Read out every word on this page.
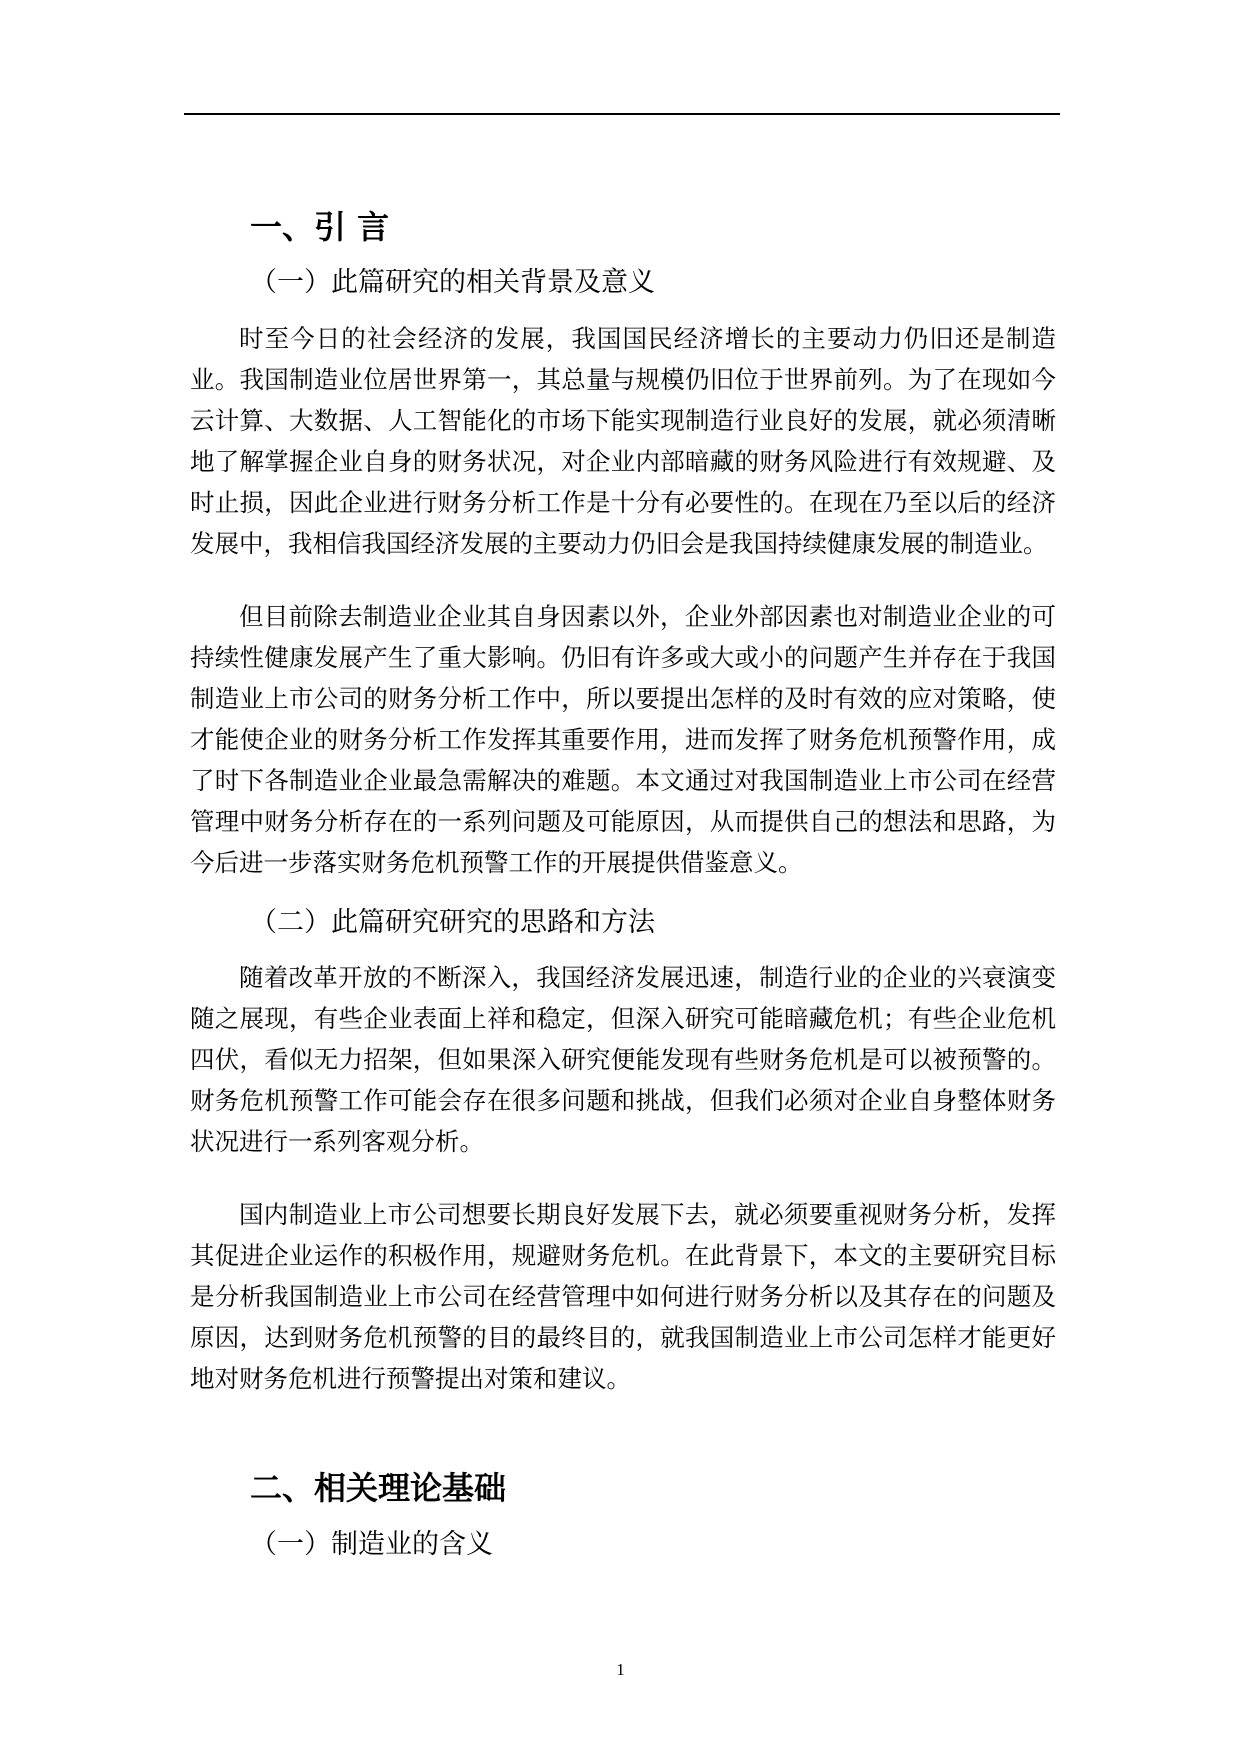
一、引 言
（一）此篇研究的相关背景及意义

时至今日的社会经济的发展，我国国民经济增长的主要动力仍旧还是制造业。我国制造业位居世界第一，其总量与规模仍旧位于世界前列。为了在现如今云计算、大数据、人工智能化的市场下能实现制造行业良好的发展，就必须清晰地了解掌握企业自身的财务状况，对企业内部暗藏的财务风险进行有效规避、及时止损，因此企业进行财务分析工作是十分有必要性的。在现在乃至以后的经济发展中，我相信我国经济发展的主要动力仍旧会是我国持续健康发展的制造业。

但目前除去制造业企业其自身因素以外，企业外部因素也对制造业企业的可持续性健康发展产生了重大影响。仍旧有许多或大或小的问题产生并存在于我国制造业上市公司的财务分析工作中，所以要提出怎样的及时有效的应对策略，使才能使企业的财务分析工作发挥其重要作用，进而发挥了财务危机预警作用，成了时下各制造业企业最急需解决的难题。本文通过对我国制造业上市公司在经营管理中财务分析存在的一系列问题及可能原因，从而提供自己的想法和思路，为今后进一步落实财务危机预警工作的开展提供借鉴意义。

（二）此篇研究研究的思路和方法

随着改革开放的不断深入，我国经济发展迅速，制造行业的企业的兴衰演变随之展现，有些企业表面上祥和稳定，但深入研究可能暗藏危机；有些企业危机四伏，看似无力招架，但如果深入研究便能发现有些财务危机是可以被预警的。财务危机预警工作可能会存在很多问题和挑战，但我们必须对企业自身整体财务状况进行一系列客观分析。

国内制造业上市公司想要长期良好发展下去，就必须要重视财务分析，发挥其促进企业运作的积极作用，规避财务危机。在此背景下，本文的主要研究目标是分析我国制造业上市公司在经营管理中如何进行财务分析以及其存在的问题及原因，达到财务危机预警的目的最终目的，就我国制造业上市公司怎样才能更好地对财务危机进行预警提出对策和建议。

二、相关理论基础
（一）制造业的含义
1
